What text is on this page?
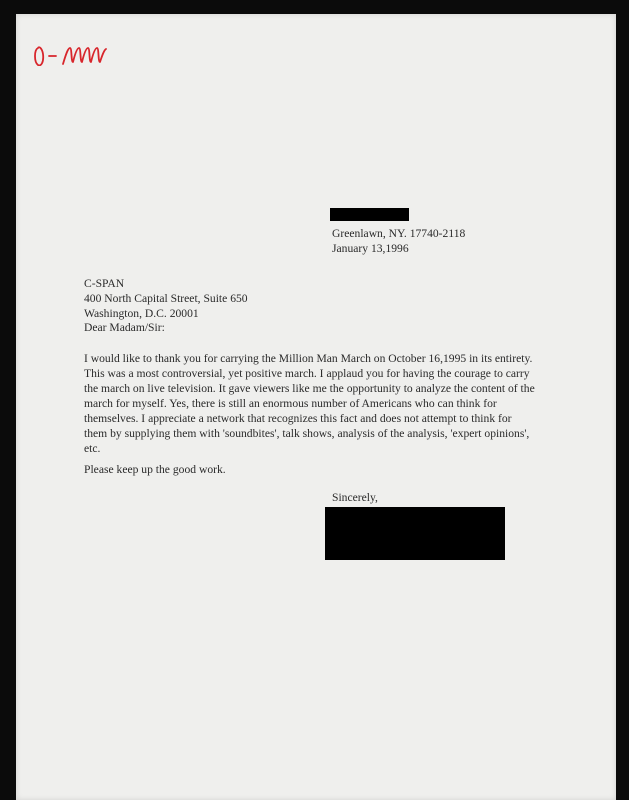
Greenlawn, NY. 17740-2118
January 13,1996
C-SPAN
400 North Capital Street, Suite 650
Washington, D.C. 20001
Dear Madam/Sir:
I would like to thank you for carrying the Million Man March on October 16,1995 in its entirety.
This was a most controversial, yet positive march. I applaud you for having the courage to carry
the march on live television. It gave viewers like me the opportunity to analyze the content of the
march for myself. Yes, there is still an enormous number of Americans who can think for
themselves. I appreciate a network that recognizes this fact and does not attempt to think for
them by supplying them with 'soundbites', talk shows, analysis of the analysis, 'expert opinions',
etc.
Please keep up the good work.
Sincerely,
